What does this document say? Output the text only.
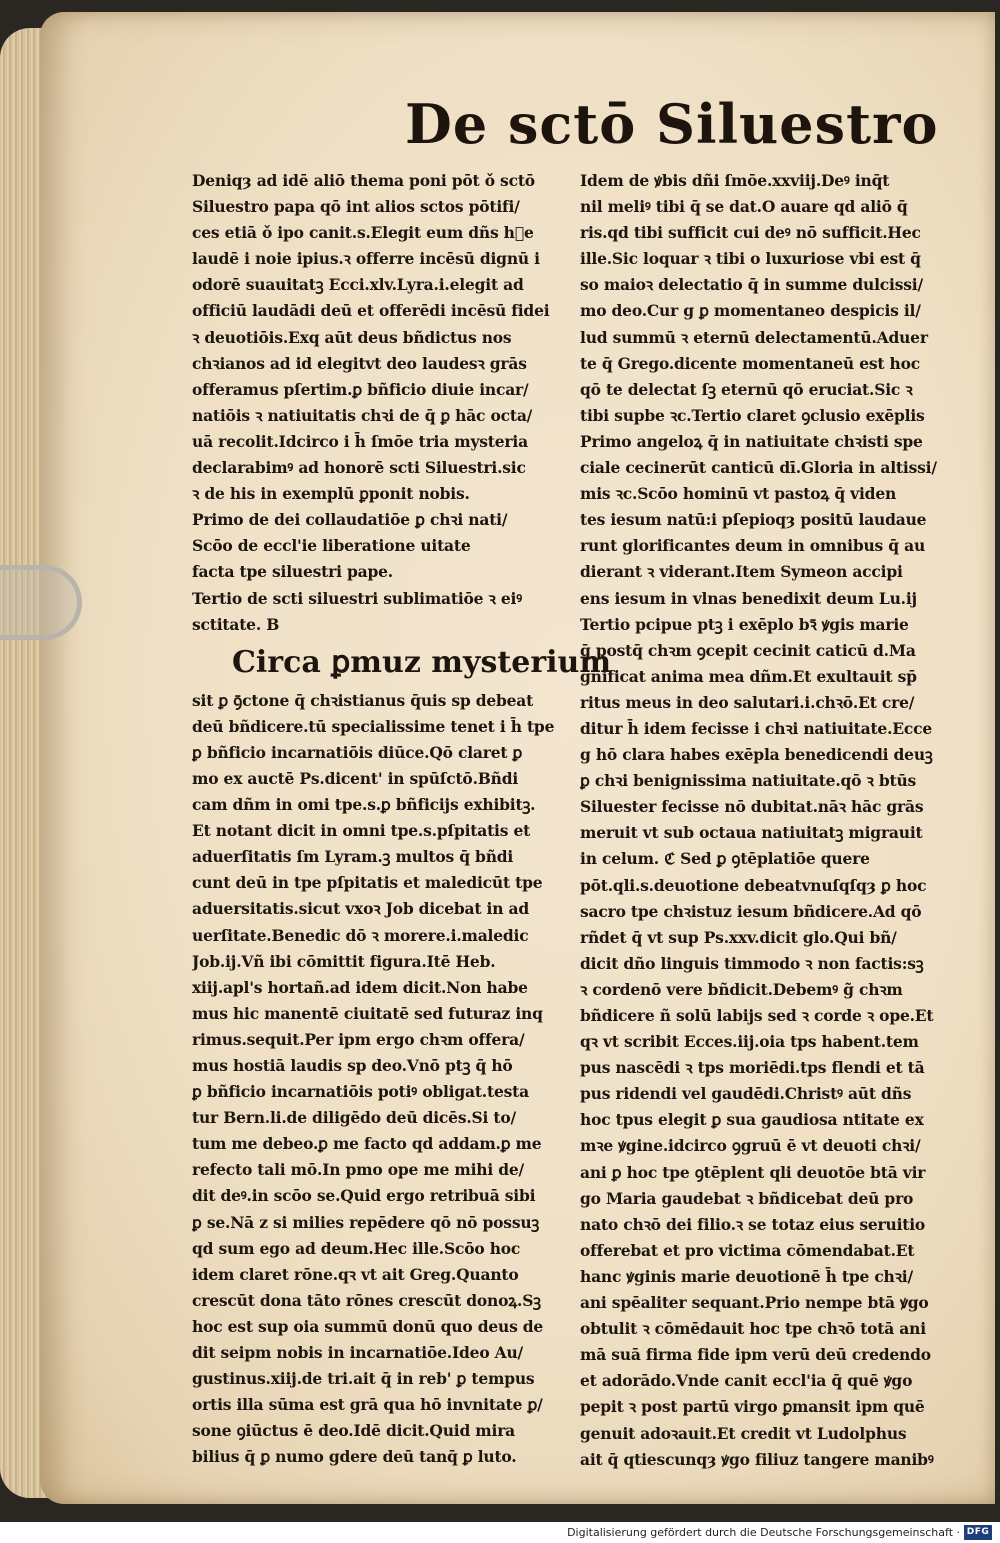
De sctō Siluestro
Deniqȝ ad idē aliō thema poni pōt ǒ sctō
Siluestro papa qō int alios sctos pōtifi/
ces etiā ǒ ipo canit.s.Elegit eum dñs hᷓe
laudē i noie ipius.ꝛ offerre incēsū dignū i
odorē suauitatꝫ Ecci.xlv.Lyra.i.elegit ad
officiū laudādi deū et offerēdi incēsū fidei
ꝛ deuotiōis.Exq aūt deus bñdictus nos
chꝛianos ad id elegitvt deo laudesꝛ grās
offeramus pſertim.ꝑ bñficio diuie incar/
natiōis ꝛ natiuitatis chꝛi de q̄ ꝑ hāc octa/
uā recolit.Idcirco i h̄ ſmōe tria mysteria
declarabimꝰ ad honorē scti Siluestri.sic
ꝛ de his in exemplū ꝑponit nobis.
Primo de dei collaudatiōe ꝑ chꝛi nati/
Scōo de eccl'ie liberatione uitate
facta tpe siluestri pape.
Tertio de scti siluestri sublimatiōe ꝛ eiꝰ
sctitate. B
Circa ꝑmuz mysterium
sit ꝑ ꝯ̄ctone q̄ chꝛistianus q̄uis sp debeat
deū bñdicere.tū specialissime tenet i h̄ tpe
ꝑ bñficio incarnatiōis diūce.Qō claret ꝑ
mo ex auctē Ps.dicent' in spūſctō.Bñdi
cam dñm in omi tpe.s.ꝑ bñficijs exhibitꝫ.
Et notant dicit in omni tpe.s.pſpitatis et
aduerſitatis ſm Lyram.ꝫ multos q̄ bñdi
cunt deū in tpe pſpitatis et maledicūt tpe
aduersitatis.sicut vxoꝛ Job dicebat in ad
uerſitate.Benedic dō ꝛ morere.i.maledic
Job.ij.Vñ ibi cōmittit figura.Itē Heb.
xiij.apl's hortañ.ad idem dicit.Non habe
mus hic manentē ciuitatē sed futuraz inq
rimus.sequit.Per ipm ergo chꝛm offera/
mus hostiā laudis sp deo.Vnō ptꝫ q̄ hō
ꝑ bñficio incarnatiōis potiꝰ obligat.testa
tur Bern.li.de diligēdo deū dicēs.Si to/
tum me debeo.ꝑ me facto qd addam.ꝑ me
refecto tali mō.In pmo ope me mihi de/
dit deꝰ.in scōo se.Quid ergo retribuā sibi
ꝑ se.Nā z si milies repēdere qō nō possuꝫ
qd sum ego ad deum.Hec ille.Scōo hoc
idem claret rōne.qꝛ vt ait Greg.Quanto
crescūt dona tāto rōnes crescūt donoꝝ.Sꝫ
hoc est sup oia summū donū quo deus de
dit seipm nobis in incarnatiōe.Ideo Au/
gustinus.xiij.de tri.ait q̄ in reb' ꝑ tempus
ortis illa sūma est grā qua hō invnitate ꝑ/
sone ꝯiūctus ē deo.Idē dicit.Quid mira
bilius q̄ ꝑ numo gdere deū tanq̄ ꝑ luto.
Idem de ꝟbis dñi ſmōe.xxviij.Deꝰ inq̄t
nil meliꝰ tibi q̄ se dat.O auare qd aliō q̄
ris.qd tibi sufficit cui deꝰ nō sufficit.Hec
ille.Sic loquar ꝛ tibi o luxuriose vbi est q̄
so maioꝛ delectatio q̄ in summe dulcissi/
mo deo.Cur g ꝑ momentaneo despicis il/
lud summū ꝛ eternū delectamentū.Aduer
te q̄ Grego.dicente momentaneū est hoc
qō te delectat ſꝫ eternū qō eruciat.Sic ꝛ
tibi supbe ꝛc.Tertio claret ꝯclusio exēplis
Primo angeloꝝ q̄ in natiuitate chꝛisti spe
ciale cecinerūt canticū dī.Gloria in altissi/
mis ꝛc.Scōo hominū vt pastoꝝ q̄ viden
tes iesum natū:i pſepioqȝ positū laudaue
runt glorificantes deum in omnibus q̄ au
dierant ꝛ viderant.Item Symeon accipi
ens iesum in vlnas benedixit deum Lu.ij
Tertio pcipue ptꝫ i exēplo bꝛ̄ ꝟgis marie
q̄ postq̄ chꝛm ꝯcepit cecinit caticū d.Ma
gnificat anima mea dñm.Et exultauit sp̄
ritus meus in deo salutari.i.chꝛō.Et cre/
ditur h̄ idem fecisse i chꝛi natiuitate.Ecce
g hō clara habes exēpla benedicendi deuꝫ
ꝑ chꝛi benignissima natiuitate.qō ꝛ btūs
Siluester fecisse nō dubitat.nāꝛ hāc grās
meruit vt sub octaua natiuitatꝫ migrauit
in celum. ℭ Sed ꝑ ꝯtēplatiōe quere
pōt.qli.s.deuotione debeatvnuſqſqȝ ꝑ hoc
sacro tpe chꝛistuz iesum bñdicere.Ad qō
rñdet q̄ vt sup Ps.xxv.dicit glo.Qui bñ/
dicit dño linguis timmodo ꝛ non factis:sꝫ
ꝛ cordenō vere bñdicit.Debemꝰ g̃ chꝛm
bñdicere ñ solū labijs sed ꝛ corde ꝛ ope.Et
qꝛ vt scribit Ecces.iij.oia tps habent.tem
pus nascēdi ꝛ tps moriēdi.tps flendi et tā
pus ridendi vel gaudēdi.Christꝰ aūt dñs
hoc tpus elegit ꝑ sua gaudiosa ntitate ex
mꝛe ꝟgine.idcirco ꝯgruū ē vt deuoti chꝛi/
ani ꝑ hoc tpe ꝯtēplent qli deuotōe btā vir
go Maria gaudebat ꝛ bñdicebat deū pro
nato chꝛō dei filio.ꝛ se totaz eius seruitio
offerebat et pro victima cōmendabat.Et
hanc ꝟginis marie deuotionē h̄ tpe chꝛi/
ani spēaliter sequant.Prio nempe btā ꝟgo
obtulit ꝛ cōmēdauit hoc tpe chꝛō totā ani
mā suā firma fide ipm verū deū credendo
et adorādo.Vnde canit eccl'ia q̄ quē ꝟgo
pepit ꝛ post partū virgo ꝑmansit ipm quē
genuit adoꝛauit.Et credit vt Ludolphus
ait q̄ qtiescunqȝ ꝟgo filiuz tangere manibꝰ
Digitalisierung gefördert durch die Deutsche Forschungsgemeinschaft · DFG
